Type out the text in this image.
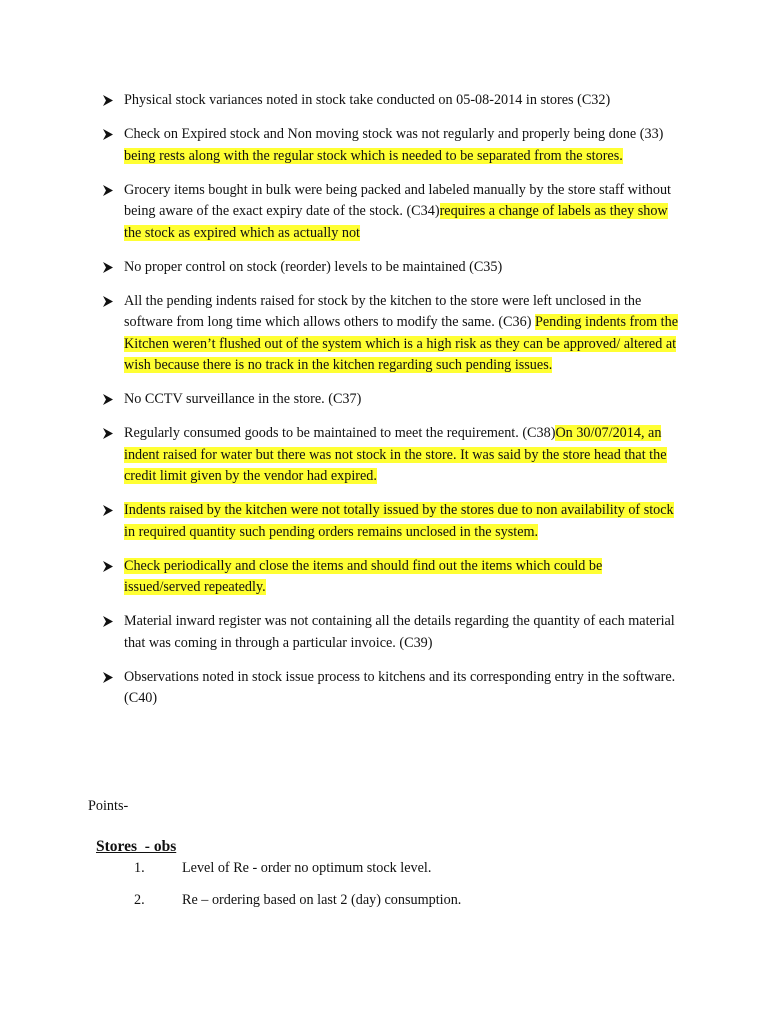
Physical stock variances noted in stock take conducted on 05-08-2014 in stores (C32)
Check on Expired stock and Non moving stock was not regularly and properly being done (33) being rests along with the regular stock which is needed to be separated from the stores.
Grocery items bought in bulk were being packed and labeled manually by the store staff without being aware of the exact expiry date of the stock. (C34)requires a change of labels as they show the stock as expired which as actually not
No proper control on stock (reorder) levels to be maintained (C35)
All the pending indents raised for stock by the kitchen to the store were left unclosed in the software from long time which allows others to modify the same. (C36) Pending indents from the Kitchen weren’t flushed out of the system which is a high risk as they can be approved/ altered at wish because there is no track in the kitchen regarding such pending issues.
No CCTV surveillance in the store. (C37)
Regularly consumed goods to be maintained to meet the requirement. (C38)On 30/07/2014, an indent raised for water but there was not stock in the store. It was said by the store head that the credit limit given by the vendor had expired.
Indents raised by the kitchen were not totally issued by the stores due to non availability of stock in required quantity such pending orders remains unclosed in the system.
Check periodically and close the items and should find out the items which could be issued/served repeatedly.
Material inward register was not containing all the details regarding the quantity of each material that was coming in through a particular invoice. (C39)
Observations noted in stock issue process to kitchens and its corresponding entry in the software. (C40)
Points-
Stores  - obs
1.	Level of Re - order no optimum stock level.
2.	Re – ordering based on last 2 (day) consumption.
